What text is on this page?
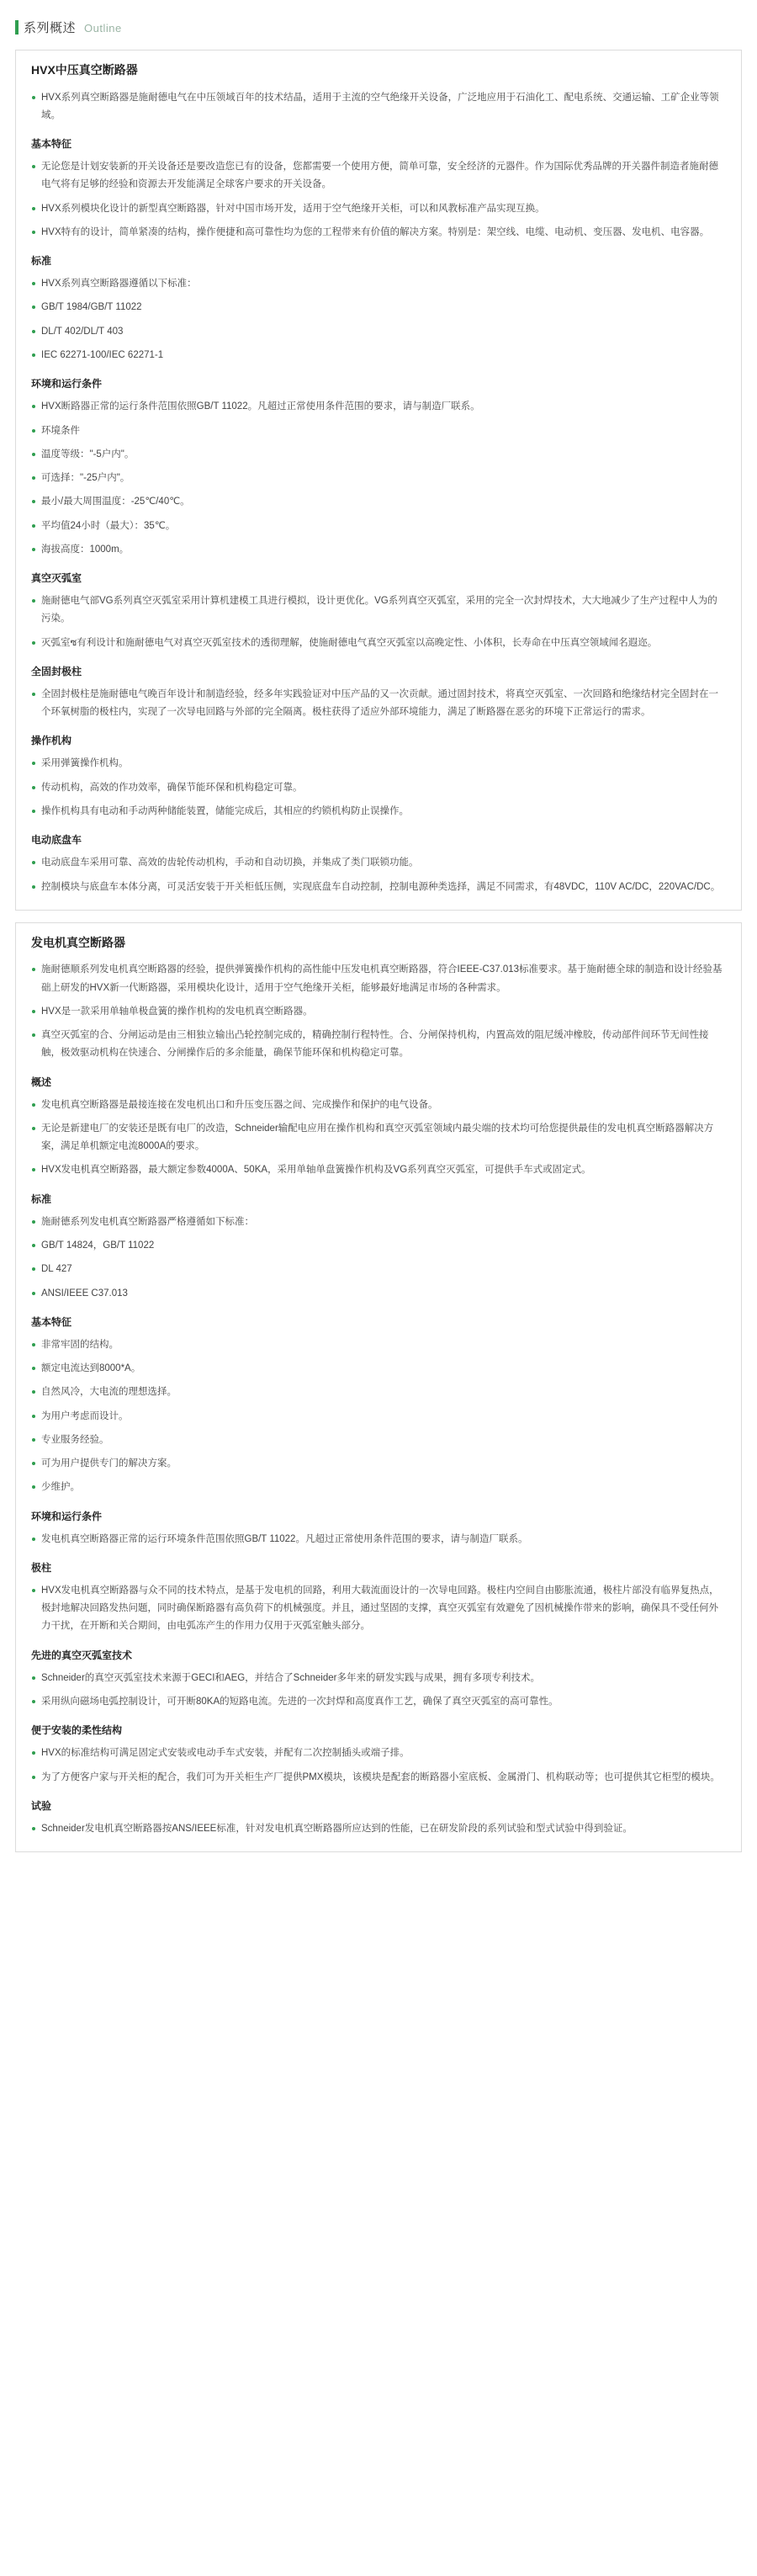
系列概述 Outline
HVX中压真空断路器

HVX系列真空断路器是施耐德电气在中压领域百年的技术结晶，适用于主流的空气绝缘开关设备，广泛地应用于石油化工、配电系统、交通运输、工矿企业等领域。

基本特征

无论您是计划安装新的开关设备还是要改造您已有的设备，您都需要一个使用方便，简单可靠，安全经济的元器件。作为国际优秀品牌的开关器件制造者施耐德电气将有足够的经验和资源去开发能满足全球客户要求的开关设备。

HVX系列模块化设计的新型真空断路器，针对中国市场开发，适用于空气绝缘开关柜，可以和风教标准产品实现互换。

HVX特有的设计，简单紧凑的结构，操作便捷和高可靠性均为您的工程带来有价值的解决方案。特别是：架空线、电缆、电动机、变压器、发电机、电容器。

标准

HVX系列真空断路器遵循以下标准：

GB/T 1984/GB/T 11022

DL/T 402/DL/T 403

IEC 62271-100/IEC 62271-1

环境和运行条件

HVX断路器正常的运行条件范围依照GB/T 11022。凡超过正常使用条件范围的要求，请与制造厂联系。

环境条件

温度等级："-5户内"。

可选择："-25户内"。

最小/最大周围温度：-25℃/40℃。

平均值24小时（最大）：35℃。

海拔高度：1000m。

真空灭弧室

施耐德电气部VG系列真空灭弧室采用计算机建模工具进行模拟，设计更优化。VG系列真空灭弧室，采用的完全一次封焊技术，大大地减少了生产过程中人为的污染。

灭弧室ซ有利设计和施耐德电气对真空灭弧室技术的透彻理解，使施耐德电气真空灭弧室以高晚定性、小体积，长寿命在中压真空领域闻名遐迩。

全固封极柱

全固封极柱是施耐德电气晚百年设计和制造经验，经多年实践验证对中压产品的又一次贡献。通过固封技术，将真空灭弧室、一次回路和绝缘结材完全固封在一个环氧树脂的极柱内，实现了一次导电回路与外部的完全隔离。极柱获得了适应外部环境能力，满足了断路器在恶劣的环境下正常运行的需求。

操作机构

采用弹簧操作机构。

传动机构，高效的作功效率，确保节能环保和机构稳定可靠。

操作机构具有电动和手动两种储能装置，储能完成后，其相应的约锁机构防止误操作。

电动底盘车

电动底盘车采用可靠、高效的齿轮传动机构，手动和自动切换，并集成了类门联锁功能。

控制模块与底盘车本体分离，可灵活安装于开关柜低压侧，实现底盘车自动控制，控制电源种类选择，满足不同需求，有48VDC，110V AC/DC，220VAC/DC。

发电机真空断路器

施耐德顺系列发电机真空断路器的经验，提供弹簧操作机构的高性能中压发电机真空断路器，符合IEEE-C37.013标准要求。基于施耐德全球的制造和设计经验基础上研发的HVX新一代断路器，采用模块化设计，适用于空气绝缘开关柜，能够最好地满足市场的各种需求。

HVX是一款采用单轴单极盘簧的操作机构的发电机真空断路器。

真空灭弧室的合、分闸运动是由三相独立输出凸轮控制完成的，精确控制行程特性。合、分闸保持机构，内置高效的阻尼缓冲橡胶，传动部件间环节无间性接触，极效驱动机构在快速合、分闸操作后的多余能量，确保节能环保和机构稳定可靠。

概述

发电机真空断路器是最接连接在发电机出口和升压变压器之间、完成操作和保护的电气设备。

无论是新建电厂的安装还是既有电厂的改造，Schneider输配电应用在操作机构和真空灭弧室领域内最尖端的技术均可给您提供最佳的发电机真空断路器解决方案，满足单机额定电流8000A的要求。

HVX发电机真空断路器，最大额定参数4000A、50KA，采用单轴单盘簧操作机构及VG系列真空灭弧室，可提供手车式或固定式。

标准

施耐德系列发电机真空断路器严格遵循如下标准：

GB/T 14824，GB/T 11022

DL 427

ANSI/IEEE C37.013

基本特征

非常牢固的结构。

额定电流达到8000*A。

自然风冷，大电流的理想选择。

为用户考虑而设计。

专业服务经验。

可为用户提供专门的解决方案。

少维护。

环境和运行条件

发电机真空断路器正常的运行环境条件范围依照GB/T 11022。凡超过正常使用条件范围的要求，请与制造厂联系。

极柱

HVX发电机真空断路器与众不同的技术特点，是基于发电机的回路，利用大载流面设计的一次导电回路。极柱内空间自由膨胀流通，极柱片部没有临界复热点，极封地解决回路发热问题，同时确保断路器有高负荷下的机械强度。并且，通过坚固的支撑，真空灭弧室有效避免了因机械操作带来的影响，确保具不受任何外力干扰，在开断和关合期间，由电弧冻产生的作用力仅用于灭弧室触头部分。

先进的真空灭弧室技术

Schneider的真空灭弧室技术来源于GECI和AEG，并结合了Schneider多年来的研发实践与成果，拥有多项专利技术。

采用纵向磁场电弧控制设计，可开断80KA的短路电流。先进的一次封焊和高度真作工艺，确保了真空灭弧室的高可靠性。

便于安装的柔性结构

HVX的标准结构可满足固定式安装或电动手车式安装，并配有二次控制插头或端子排。

为了方便客户家与开关柜的配合，我们可为开关柜生产厂提供PMX模块，该模块是配套的断路器小室底板、金属滑门、机构联动等；也可提供其它柜型的模块。

试验

Schneider发电机真空断路器按ANS/IEEE标准，针对发电机真空断路器所应达到的性能，已在研发阶段的系列试验和型式试验中得到验证。
